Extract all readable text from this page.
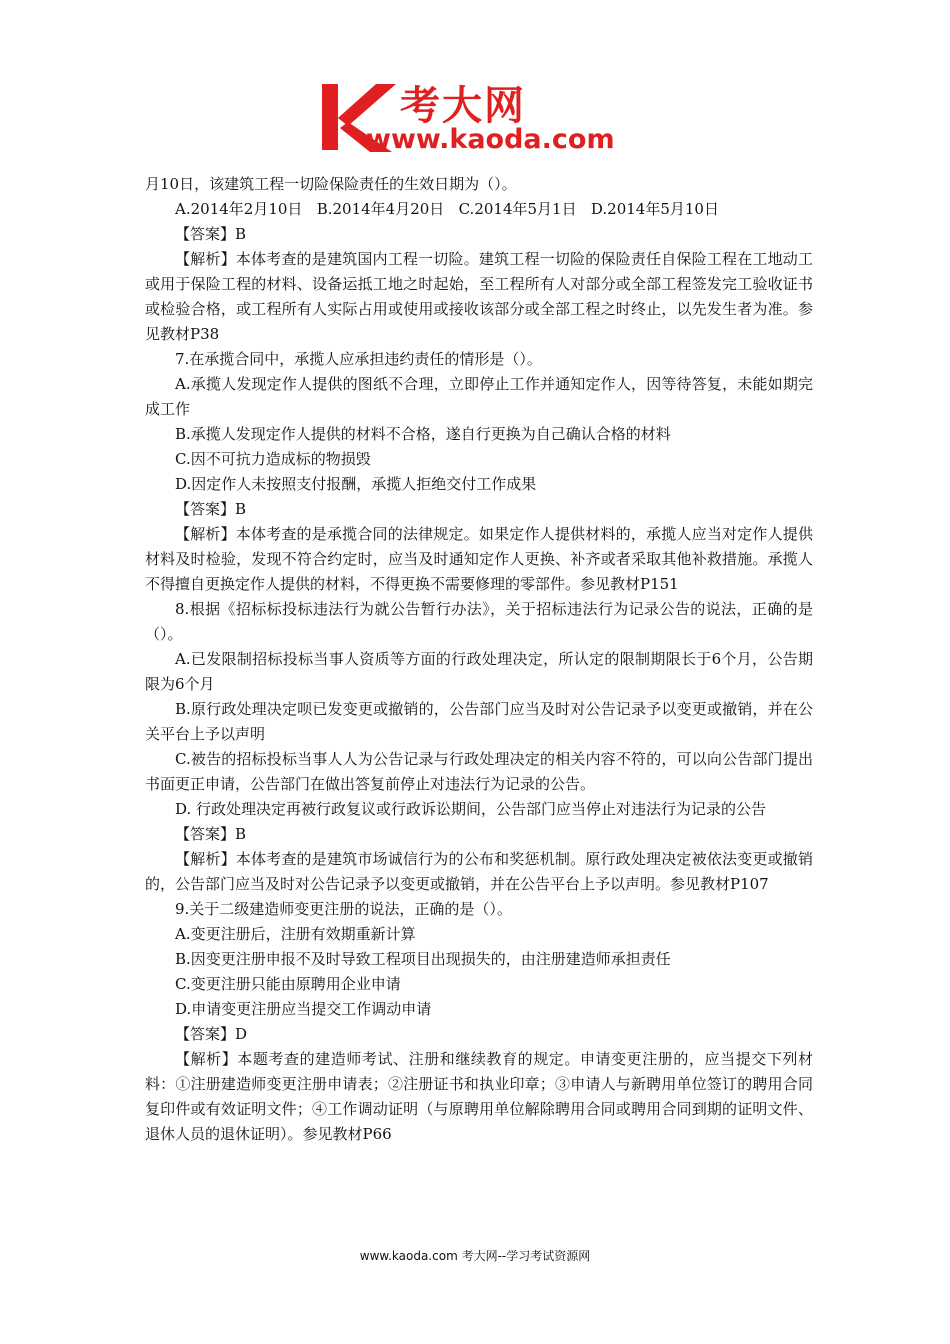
考大网
www.kaoda.com

月10日，该建筑工程一切险保险责任的生效日期为（）。

A.2014年2月10日   B.2014年4月20日   C.2014年5月1日   D.2014年5月10日

【答案】B

【解析】本体考查的是建筑国内工程一切险。建筑工程一切险的保险责任自保险工程在工地动工或用于保险工程的材料、设备运抵工地之时起始，至工程所有人对部分或全部工程签发完工验收证书或检验合格，或工程所有人实际占用或使用或接收该部分或全部工程之时终止，以先发生者为准。参见教材P38

7.在承揽合同中，承揽人应承担违约责任的情形是（）。

A.承揽人发现定作人提供的图纸不合理，立即停止工作并通知定作人，因等待答复，未能如期完成工作

B.承揽人发现定作人提供的材料不合格，遂自行更换为自己确认合格的材料

C.因不可抗力造成标的物损毁

D.因定作人未按照支付报酬，承揽人拒绝交付工作成果

【答案】B

【解析】本体考查的是承揽合同的法律规定。如果定作人提供材料的，承揽人应当对定作人提供材料及时检验，发现不符合约定时，应当及时通知定作人更换、补齐或者采取其他补救措施。承揽人不得擅自更换定作人提供的材料，不得更换不需要修理的零部件。参见教材P151

8.根据《招标标投标违法行为就公告暂行办法》，关于招标违法行为记录公告的说法，正确的是（）。

A.已发限制招标投标当事人资质等方面的行政处理决定，所认定的限制期限长于6个月，公告期限为6个月

B.原行政处理决定呗已发变更或撤销的，公告部门应当及时对公告记录予以变更或撤销，并在公关平台上予以声明

C.被告的招标投标当事人人为公告记录与行政处理决定的相关内容不符的，可以向公告部门提出书面更正申请，公告部门在做出答复前停止对违法行为记录的公告。

D. 行政处理决定再被行政复议或行政诉讼期间，公告部门应当停止对违法行为记录的公告

【答案】B

【解析】本体考查的是建筑市场诚信行为的公布和奖惩机制。原行政处理决定被依法变更或撤销的，公告部门应当及时对公告记录予以变更或撤销，并在公告平台上予以声明。参见教材P107

9.关于二级建造师变更注册的说法，正确的是（）。

A.变更注册后，注册有效期重新计算

B.因变更注册申报不及时导致工程项目出现损失的，由注册建造师承担责任

C.变更注册只能由原聘用企业申请

D.申请变更注册应当提交工作调动申请

【答案】D

【解析】本题考查的建造师考试、注册和继续教育的规定。申请变更注册的，应当提交下列材料：①注册建造师变更注册申请表；②注册证书和执业印章；③申请人与新聘用单位签订的聘用合同复印件或有效证明文件；④工作调动证明（与原聘用单位解除聘用合同或聘用合同到期的证明文件、退休人员的退休证明）。参见教材P66

www.kaoda.com 考大网--学习考试资源网
